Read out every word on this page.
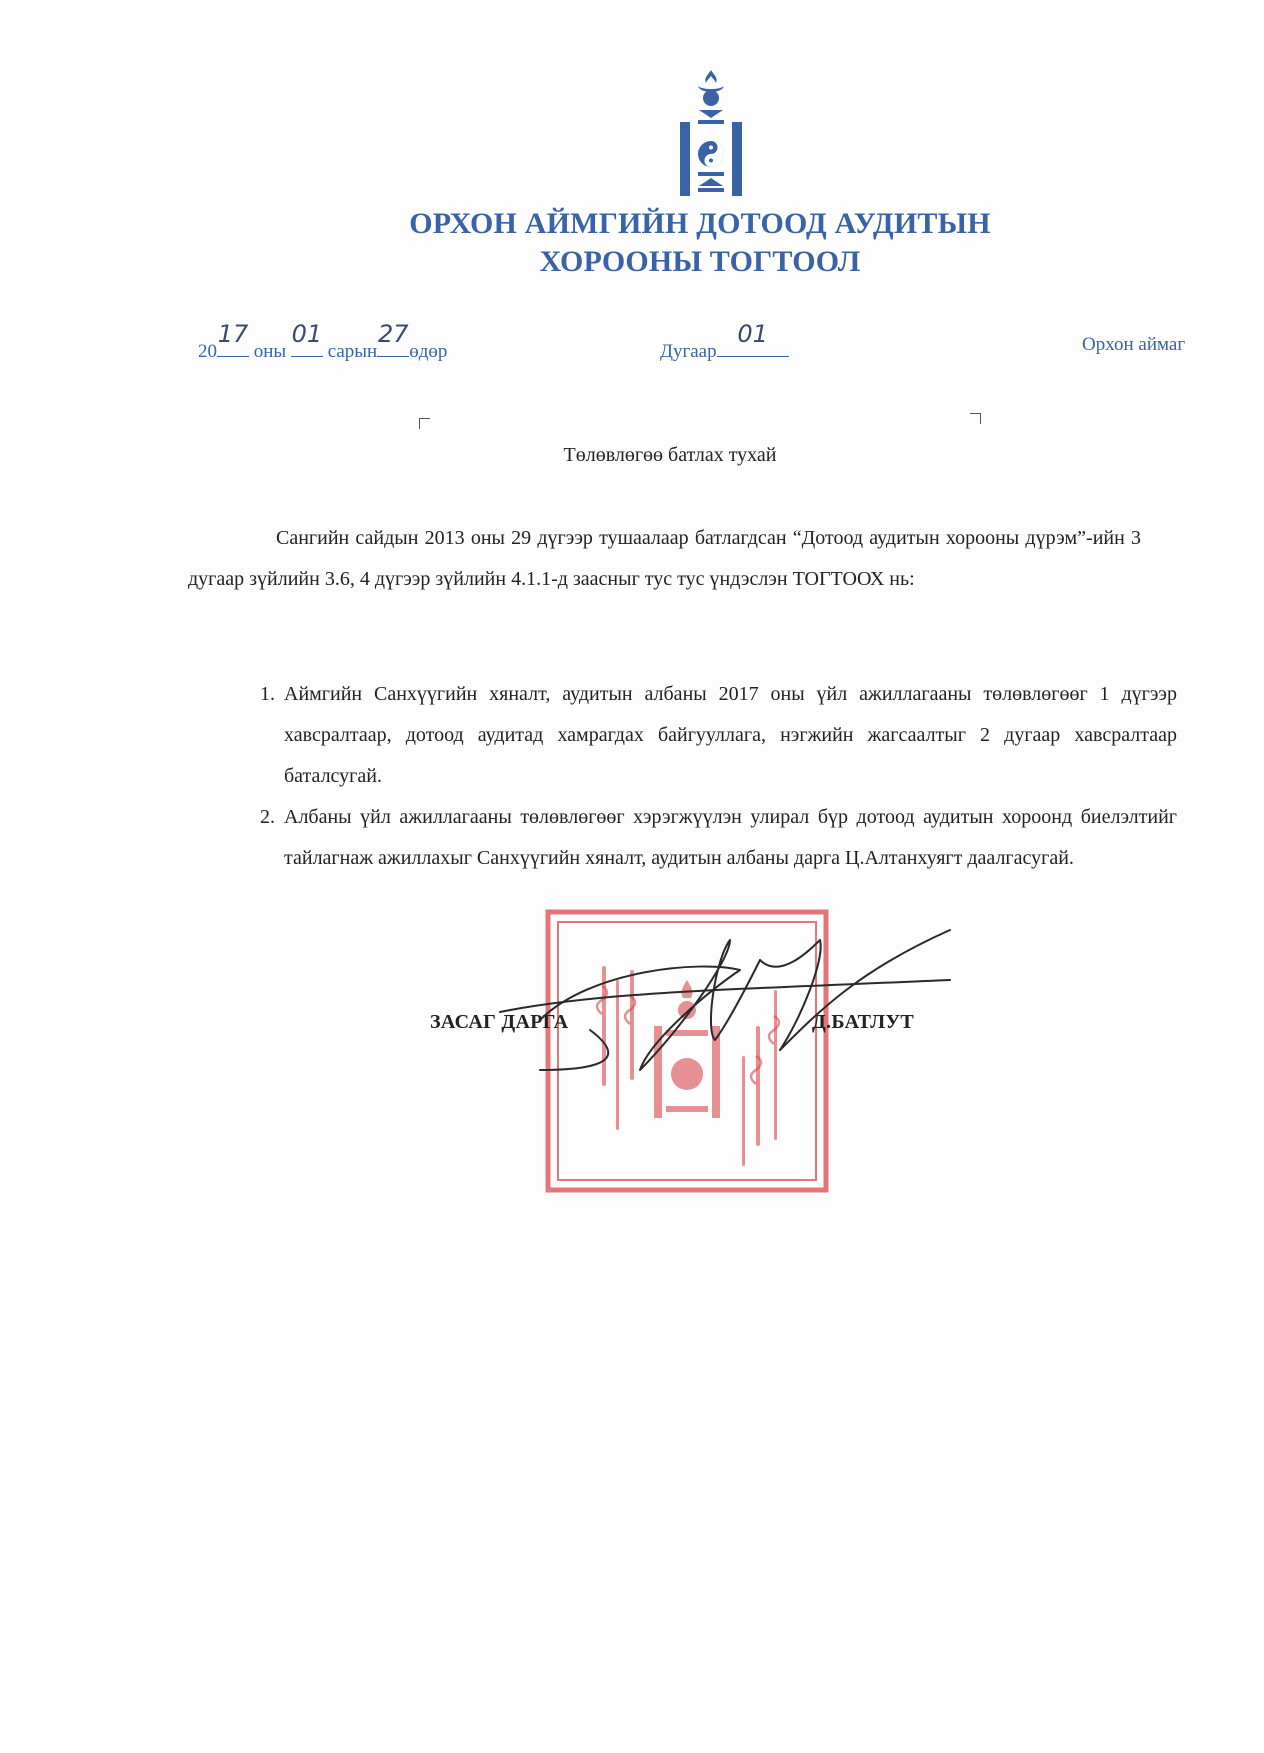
ОРХОН АЙМГИЙН ДОТООД АУДИТЫН
ХОРООНЫ ТОГТООЛ
20
17
оны
01
сарын
27
өдөр	Дугаар
01	Орхон аймаг
Төлөвлөгөө батлах тухай

Сангийн сайдын 2013 оны 29 дүгээр тушаалаар батлагдсан “Дотоод аудитын хорооны дүрэм”-ийн 3 дугаар зүйлийн 3.6, 4 дүгээр зүйлийн 4.1.1-д заасныг тус тус үндэслэн ТОГТООХ нь:

1. Аймгийн Санхүүгийн хяналт, аудитын албаны 2017 оны үйл ажиллагааны төлөвлөгөөг 1 дүгээр хавсралтаар, дотоод аудитад хамрагдах байгууллага, нэгжийн жагсаалтыг 2 дугаар хавсралтаар баталсугай.
2. Албаны үйл ажиллагааны төлөвлөгөөг хэрэгжүүлэн улирал бүр дотоод аудитын хороонд биелэлтийг тайлагнаж ажиллахыг Санхүүгийн хяналт, аудитын албаны дарга Ц.Алтанхуягт даалгасугай.
ЗАСАГ ДАРГА	Д.БАТЛУТ
